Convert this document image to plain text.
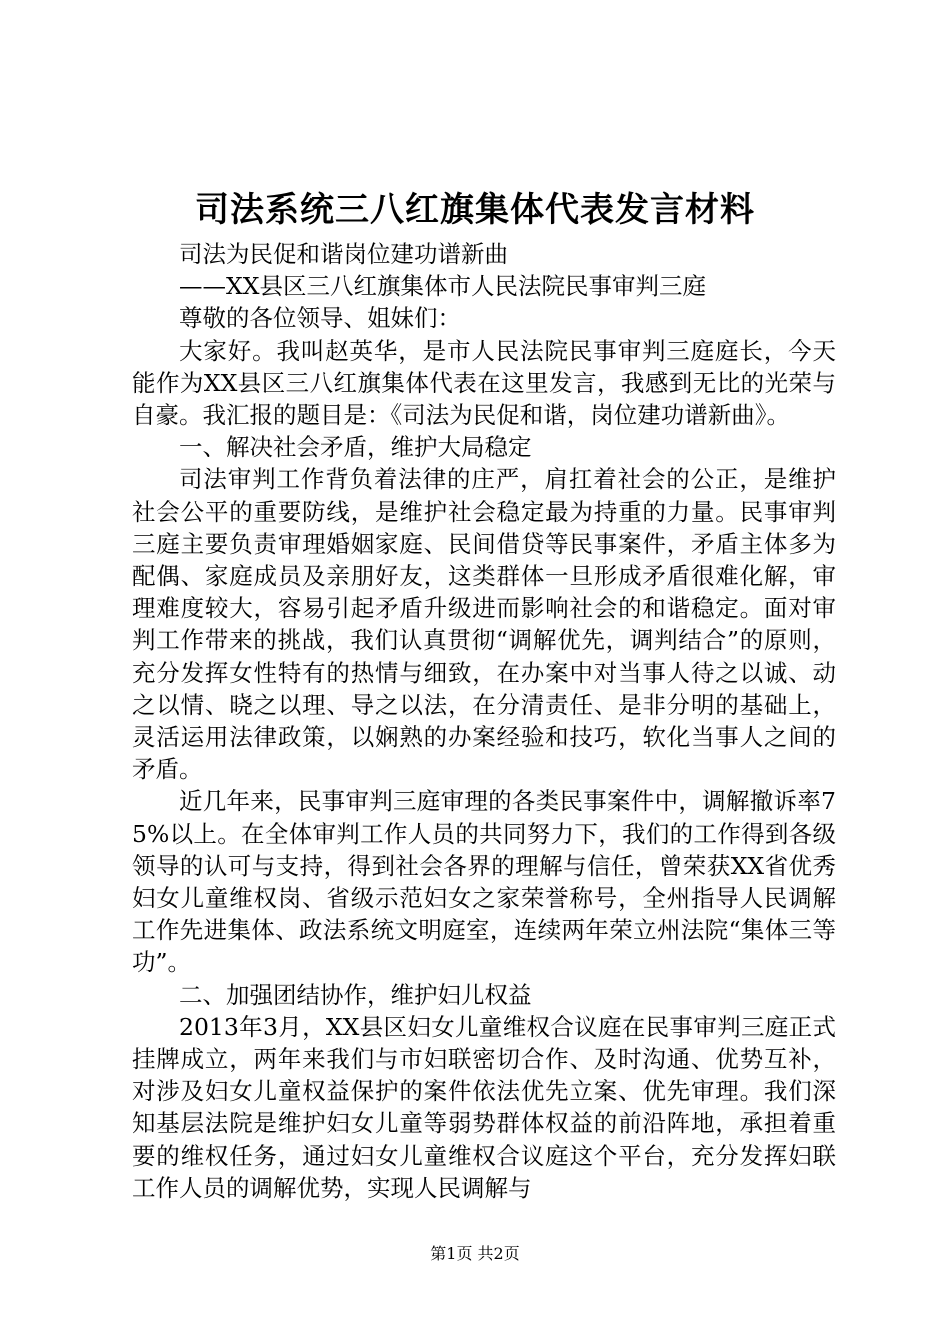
司法系统三八红旗集体代表发言材料

司法为民促和谐岗位建功谱新曲

——XX县区三八红旗集体市人民法院民事审判三庭

尊敬的各位领导、姐妹们：

大家好。我叫赵英华，是市人民法院民事审判三庭庭长，今天能作为XX县区三八红旗集体代表在这里发言，我感到无比的光荣与自豪。我汇报的题目是：《司法为民促和谐，岗位建功谱新曲》。

一、解决社会矛盾，维护大局稳定

司法审判工作背负着法律的庄严，肩扛着社会的公正，是维护社会公平的重要防线，是维护社会稳定最为持重的力量。民事审判三庭主要负责审理婚姻家庭、民间借贷等民事案件，矛盾主体多为配偶、家庭成员及亲朋好友，这类群体一旦形成矛盾很难化解，审理难度较大，容易引起矛盾升级进而影响社会的和谐稳定。面对审判工作带来的挑战，我们认真贯彻“调解优先，调判结合”的原则，充分发挥女性特有的热情与细致，在办案中对当事人待之以诚、动之以情、晓之以理、导之以法，在分清责任、是非分明的基础上，灵活运用法律政策，以娴熟的办案经验和技巧，软化当事人之间的矛盾。

近几年来，民事审判三庭审理的各类民事案件中，调解撤诉率75%以上。在全体审判工作人员的共同努力下，我们的工作得到各级领导的认可与支持，得到社会各界的理解与信任，曾荣获XX省优秀妇女儿童维权岗、省级示范妇女之家荣誉称号，全州指导人民调解工作先进集体、政法系统文明庭室，连续两年荣立州法院“集体三等功”。

二、加强团结协作，维护妇儿权益

2013年3月，XX县区妇女儿童维权合议庭在民事审判三庭正式挂牌成立，两年来我们与市妇联密切合作、及时沟通、优势互补，对涉及妇女儿童权益保护的案件依法优先立案、优先审理。我们深知基层法院是维护妇女儿童等弱势群体权益的前沿阵地，承担着重要的维权任务，通过妇女儿童维权合议庭这个平台，充分发挥妇联工作人员的调解优势，实现人民调解与

第1页 共2页
